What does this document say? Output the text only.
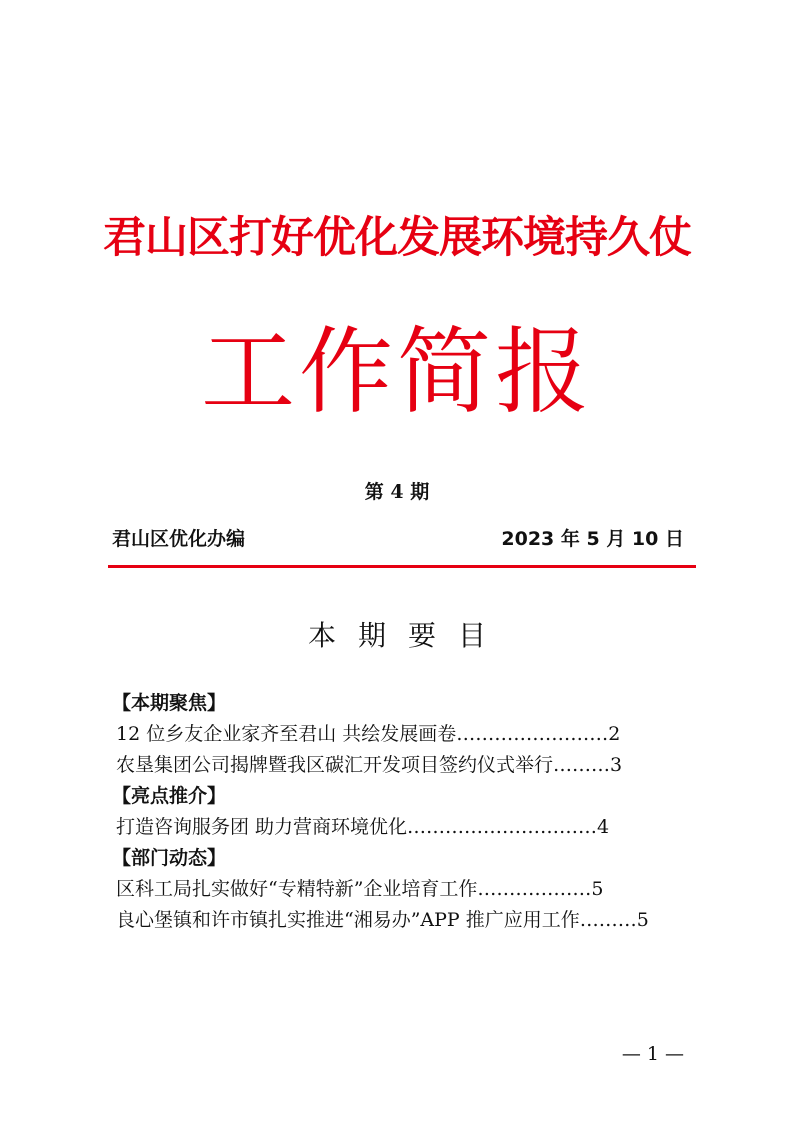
君山区打好优化发展环境持久仗
工作简报
第 4 期
君山区优化办编	2023 年 5 月 10 日
本期要目
【本期聚焦】
12 位乡友企业家齐至君山 共绘发展画卷……………………2
农垦集团公司揭牌暨我区碳汇开发项目签约仪式举行………3
【亮点推介】
打造咨询服务团 助力营商环境优化…………………………4
【部门动态】
区科工局扎实做好“专精特新”企业培育工作………………5
良心堡镇和许市镇扎实推进“湘易办”APP 推广应用工作………5
— 1 —
